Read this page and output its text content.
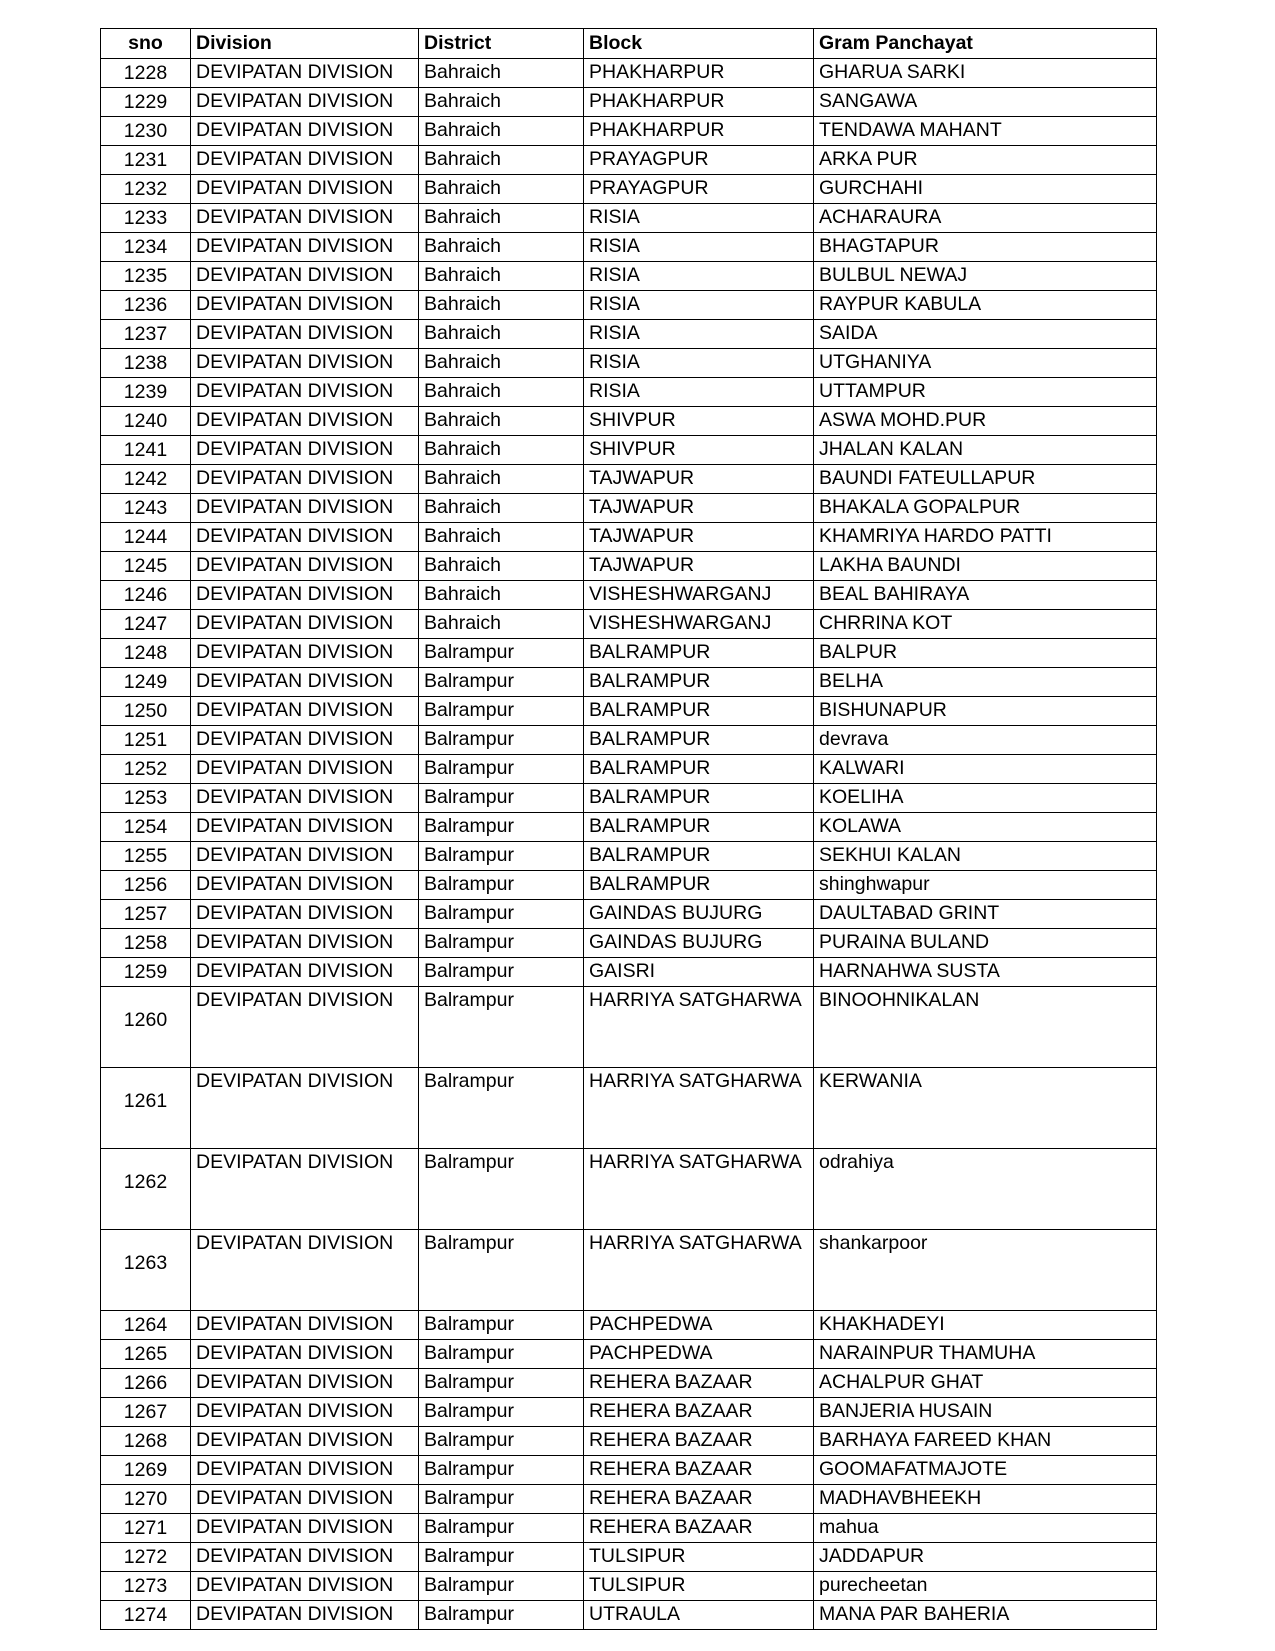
sno	Division	District	Block	Gram Panchayat
1228	DEVIPATAN DIVISION	Bahraich	PHAKHARPUR	GHARUA SARKI
1229	DEVIPATAN DIVISION	Bahraich	PHAKHARPUR	SANGAWA
1230	DEVIPATAN DIVISION	Bahraich	PHAKHARPUR	TENDAWA MAHANT
1231	DEVIPATAN DIVISION	Bahraich	PRAYAGPUR	ARKA PUR
1232	DEVIPATAN DIVISION	Bahraich	PRAYAGPUR	GURCHAHI
1233	DEVIPATAN DIVISION	Bahraich	RISIA	ACHARAURA
1234	DEVIPATAN DIVISION	Bahraich	RISIA	BHAGTAPUR
1235	DEVIPATAN DIVISION	Bahraich	RISIA	BULBUL NEWAJ
1236	DEVIPATAN DIVISION	Bahraich	RISIA	RAYPUR KABULA
1237	DEVIPATAN DIVISION	Bahraich	RISIA	SAIDA
1238	DEVIPATAN DIVISION	Bahraich	RISIA	UTGHANIYA
1239	DEVIPATAN DIVISION	Bahraich	RISIA	UTTAMPUR
1240	DEVIPATAN DIVISION	Bahraich	SHIVPUR	ASWA MOHD.PUR
1241	DEVIPATAN DIVISION	Bahraich	SHIVPUR	JHALAN KALAN
1242	DEVIPATAN DIVISION	Bahraich	TAJWAPUR	BAUNDI FATEULLAPUR
1243	DEVIPATAN DIVISION	Bahraich	TAJWAPUR	BHAKALA GOPALPUR
1244	DEVIPATAN DIVISION	Bahraich	TAJWAPUR	KHAMRIYA HARDO PATTI
1245	DEVIPATAN DIVISION	Bahraich	TAJWAPUR	LAKHA BAUNDI
1246	DEVIPATAN DIVISION	Bahraich	VISHESHWARGANJ	BEAL BAHIRAYA
1247	DEVIPATAN DIVISION	Bahraich	VISHESHWARGANJ	CHRRINA KOT
1248	DEVIPATAN DIVISION	Balrampur	BALRAMPUR	BALPUR
1249	DEVIPATAN DIVISION	Balrampur	BALRAMPUR	BELHA
1250	DEVIPATAN DIVISION	Balrampur	BALRAMPUR	BISHUNAPUR
1251	DEVIPATAN DIVISION	Balrampur	BALRAMPUR	devrava
1252	DEVIPATAN DIVISION	Balrampur	BALRAMPUR	KALWARI
1253	DEVIPATAN DIVISION	Balrampur	BALRAMPUR	KOELIHA
1254	DEVIPATAN DIVISION	Balrampur	BALRAMPUR	KOLAWA
1255	DEVIPATAN DIVISION	Balrampur	BALRAMPUR	SEKHUI KALAN
1256	DEVIPATAN DIVISION	Balrampur	BALRAMPUR	shinghwapur
1257	DEVIPATAN DIVISION	Balrampur	GAINDAS BUJURG	DAULTABAD GRINT
1258	DEVIPATAN DIVISION	Balrampur	GAINDAS BUJURG	PURAINA BULAND
1259	DEVIPATAN DIVISION	Balrampur	GAISRI	HARNAHWA SUSTA
1260	DEVIPATAN DIVISION	Balrampur	HARRIYA SATGHARWA	BINOOHNIKALAN
1261	DEVIPATAN DIVISION	Balrampur	HARRIYA SATGHARWA	KERWANIA
1262	DEVIPATAN DIVISION	Balrampur	HARRIYA SATGHARWA	odrahiya
1263	DEVIPATAN DIVISION	Balrampur	HARRIYA SATGHARWA	shankarpoor
1264	DEVIPATAN DIVISION	Balrampur	PACHPEDWA	KHAKHADEYI
1265	DEVIPATAN DIVISION	Balrampur	PACHPEDWA	NARAINPUR THAMUHA
1266	DEVIPATAN DIVISION	Balrampur	REHERA BAZAAR	ACHALPUR GHAT
1267	DEVIPATAN DIVISION	Balrampur	REHERA BAZAAR	BANJERIA HUSAIN
1268	DEVIPATAN DIVISION	Balrampur	REHERA BAZAAR	BARHAYA FAREED KHAN
1269	DEVIPATAN DIVISION	Balrampur	REHERA BAZAAR	GOOMAFATMAJOTE
1270	DEVIPATAN DIVISION	Balrampur	REHERA BAZAAR	MADHAVBHEEKH
1271	DEVIPATAN DIVISION	Balrampur	REHERA BAZAAR	mahua
1272	DEVIPATAN DIVISION	Balrampur	TULSIPUR	JADDAPUR
1273	DEVIPATAN DIVISION	Balrampur	TULSIPUR	purecheetan
1274	DEVIPATAN DIVISION	Balrampur	UTRAULA	MANA PAR BAHERIA
